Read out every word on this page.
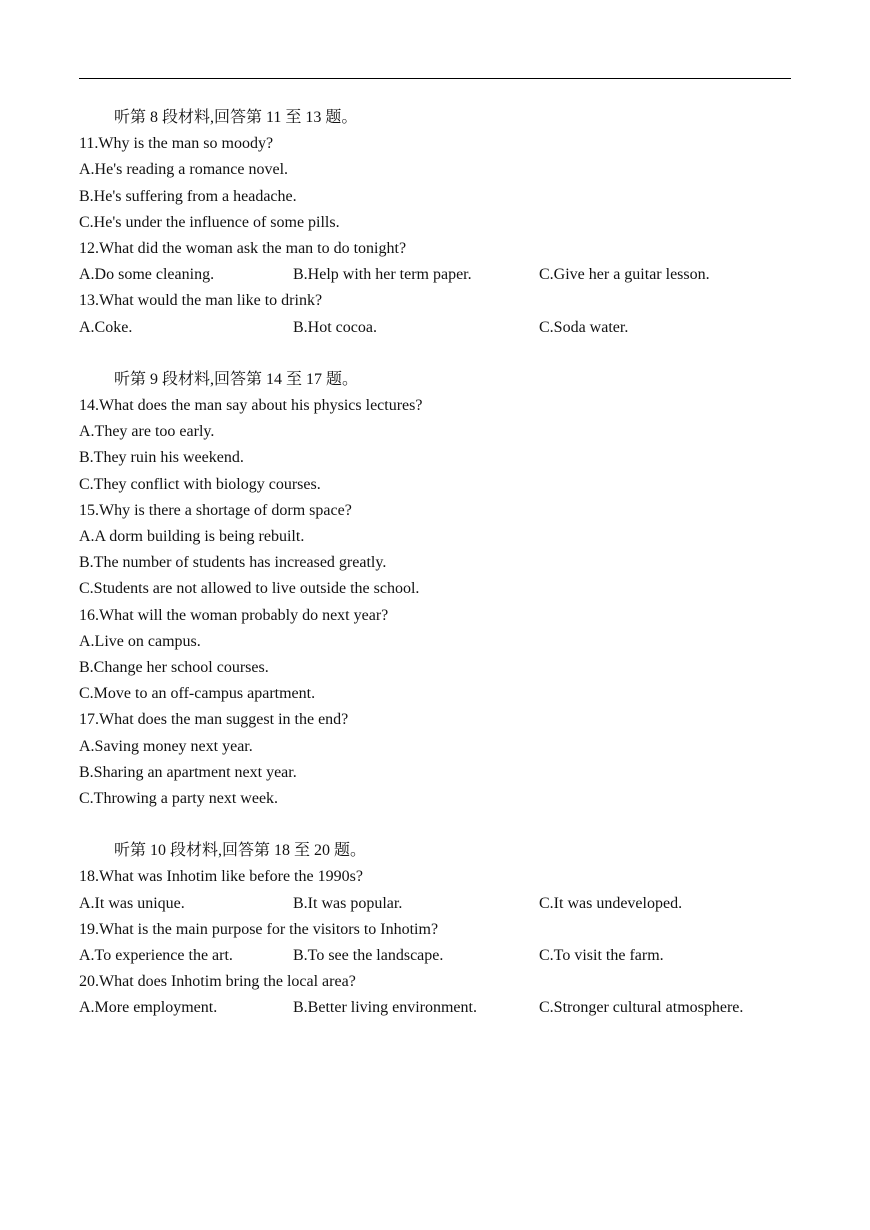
听第 8 段材料,回答第 11 至 13 题。
11.Why is the man so moody?
A.He's reading a romance novel.
B.He's suffering from a headache.
C.He's under the influence of some pills.
12.What did the woman ask the man to do tonight?
A.Do some cleaning.	B.Help with her term paper.	C.Give her a guitar lesson.
13.What would the man like to drink?
A.Coke.	B.Hot cocoa.	C.Soda water.
听第 9 段材料,回答第 14 至 17 题。
14.What does the man say about his physics lectures?
A.They are too early.
B.They ruin his weekend.
C.They conflict with biology courses.
15.Why is there a shortage of dorm space?
A.A dorm building is being rebuilt.
B.The number of students has increased greatly.
C.Students are not allowed to live outside the school.
16.What will the woman probably do next year?
A.Live on campus.
B.Change her school courses.
C.Move to an off-campus apartment.
17.What does the man suggest in the end?
A.Saving money next year.
B.Sharing an apartment next year.
C.Throwing a party next week.
听第 10 段材料,回答第 18 至 20 题。
18.What was Inhotim like before the 1990s?
A.It was unique.	B.It was popular.	C.It was undeveloped.
19.What is the main purpose for the visitors to Inhotim?
A.To experience the art.	B.To see the landscape.	C.To visit the farm.
20.What does Inhotim bring the local area?
A.More employment.	B.Better living environment.	C.Stronger cultural atmosphere.
